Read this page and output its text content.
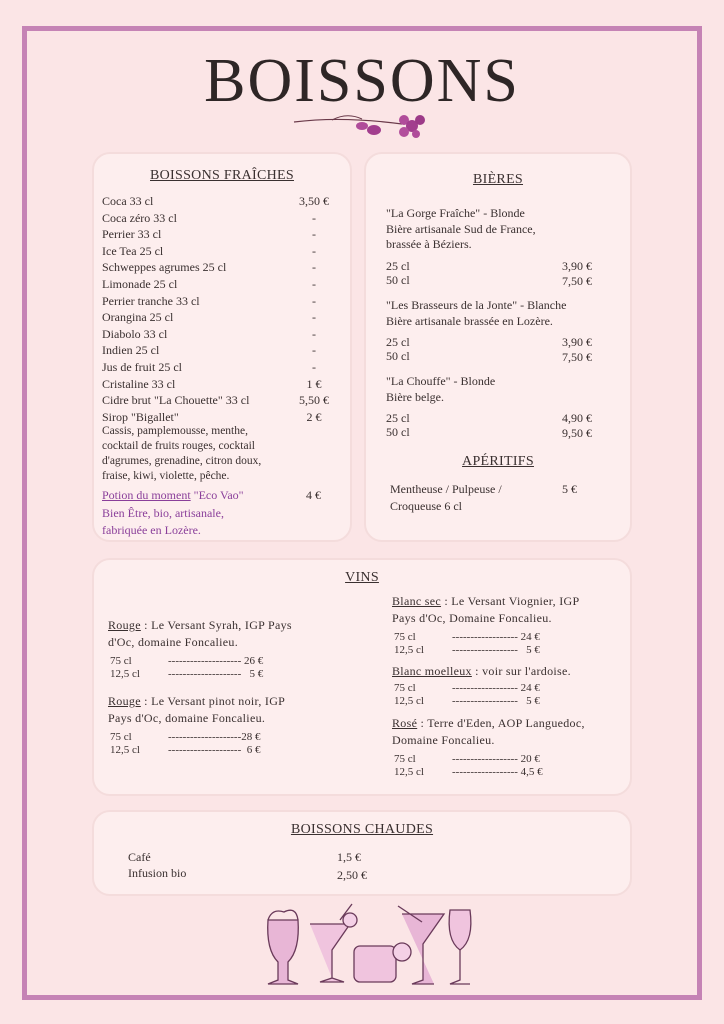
BOISSONS
BOISSONS FRAÎCHES
Coca 33 cl	3,50 €
Coca zéro 33 cl	-
Perrier 33 cl	-
Ice Tea 25 cl	-
Schweppes agrumes 25 cl	-
Limonade 25 cl	-
Perrier tranche 33 cl	-
Orangina 25 cl	-
Diabolo 33 cl	-
Indien 25 cl	-
Jus de fruit 25 cl	-
Cristaline 33 cl	1 €
Cidre brut "La Chouette" 33 cl	5,50 €
Sirop "Bigallet"	2 €
Cassis, pamplemousse, menthe,
cocktail de fruits rouges, cocktail
d'agrumes, grenadine, citron doux,
fraise, kiwi, violette, pêche.
Potion du moment "Eco Vao"	4 €
Bien Être, bio, artisanale,
fabriquée en Lozère.
BIÈRES
"La Gorge Fraîche" - Blonde
Bière artisanale Sud de France,
brassée à Béziers.
25 cl	3,90 €
50 cl	7,50 €
"Les Brasseurs de la Jonte" - Blanche
Bière artisanale brassée en Lozère.
25 cl	3,90 €
50 cl	7,50 €
"La Chouffe" - Blonde
Bière belge.
25 cl	4,90 €
50 cl	9,50 €
APÉRITIFS
Mentheuse / Pulpeuse /
Croqueuse 6 cl
5 €
VINS
Rouge : Le Versant Syrah, IGP Pays
d'Oc, domaine Foncalieu.
75 cl	-------------------- 26 €
12,5 cl	--------------------   5 €
Rouge : Le Versant pinot noir, IGP
Pays d'Oc, domaine Foncalieu.
75 cl	--------------------28 €
12,5 cl	--------------------  6 €
Blanc sec : Le Versant Viognier, IGP
Pays d'Oc, Domaine Foncalieu.
75 cl	------------------ 24 €
12,5 cl	------------------   5 €
Blanc moelleux : voir sur l'ardoise.
75 cl	------------------ 24 €
12,5 cl	------------------   5 €
Rosé : Terre d'Eden, AOP Languedoc,
Domaine Foncalieu.
75 cl	------------------ 20 €
12,5 cl	------------------ 4,5 €
BOISSONS CHAUDES
Café	1,5 €
Infusion bio	2,50 €
